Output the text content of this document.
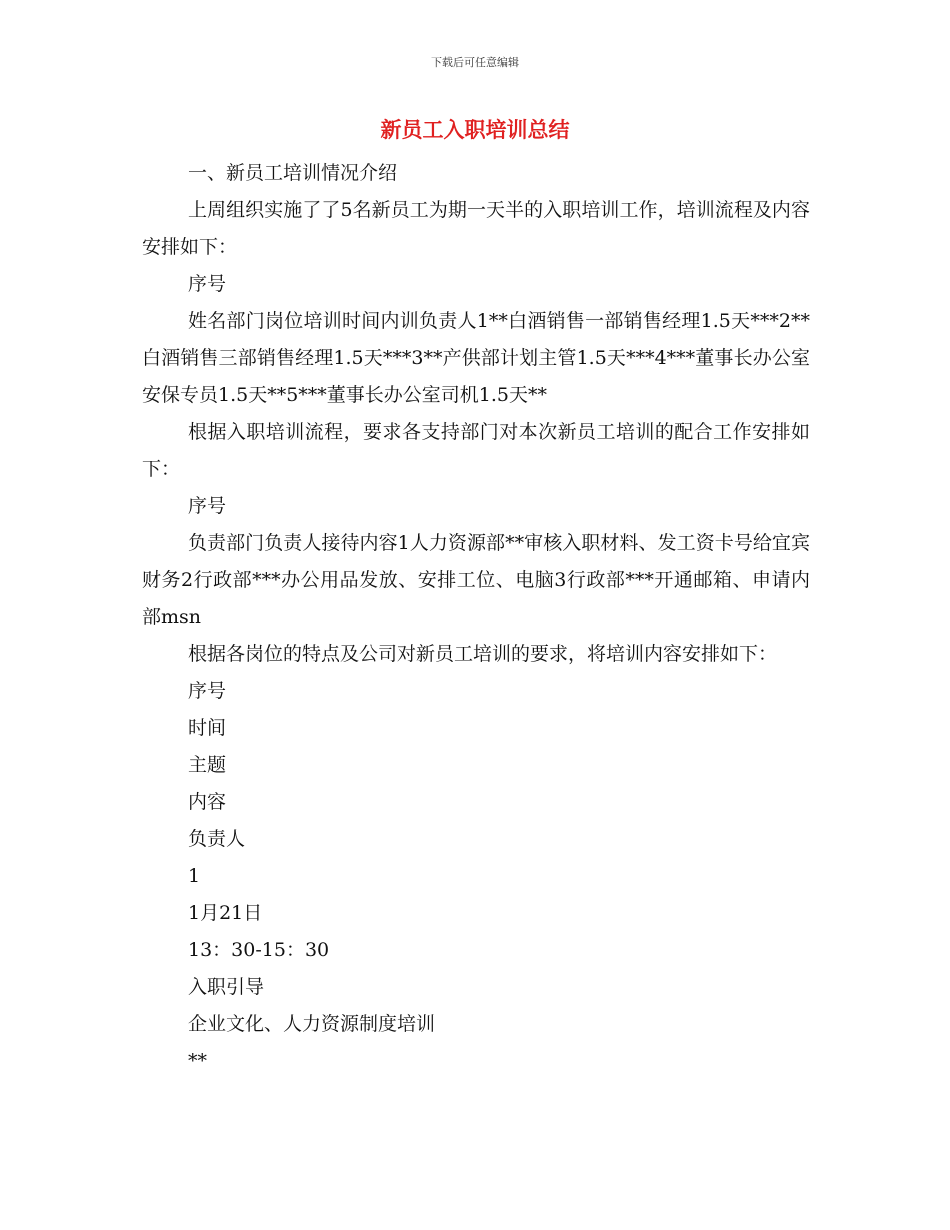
下载后可任意编辑
新员工入职培训总结

一、新员工培训情况介绍

上周组织实施了了5名新员工为期一天半的入职培训工作，培训流程及内容安排如下：

序号

姓名部门岗位培训时间内训负责人1**白酒销售一部销售经理1.5天***2**白酒销售三部销售经理1.5天***3**产供部计划主管1.5天***4***董事长办公室安保专员1.5天**5***董事长办公室司机1.5天**

根据入职培训流程，要求各支持部门对本次新员工培训的配合工作安排如下：

序号

负责部门负责人接待内容1人力资源部**审核入职材料、发工资卡号给宜宾财务2行政部***办公用品发放、安排工位、电脑3行政部***开通邮箱、申请内部msn

根据各岗位的特点及公司对新员工培训的要求，将培训内容安排如下：

序号

时间

主题

内容

负责人

1

1月21日

13：30-15：30

入职引导

企业文化、人力资源制度培训

**
